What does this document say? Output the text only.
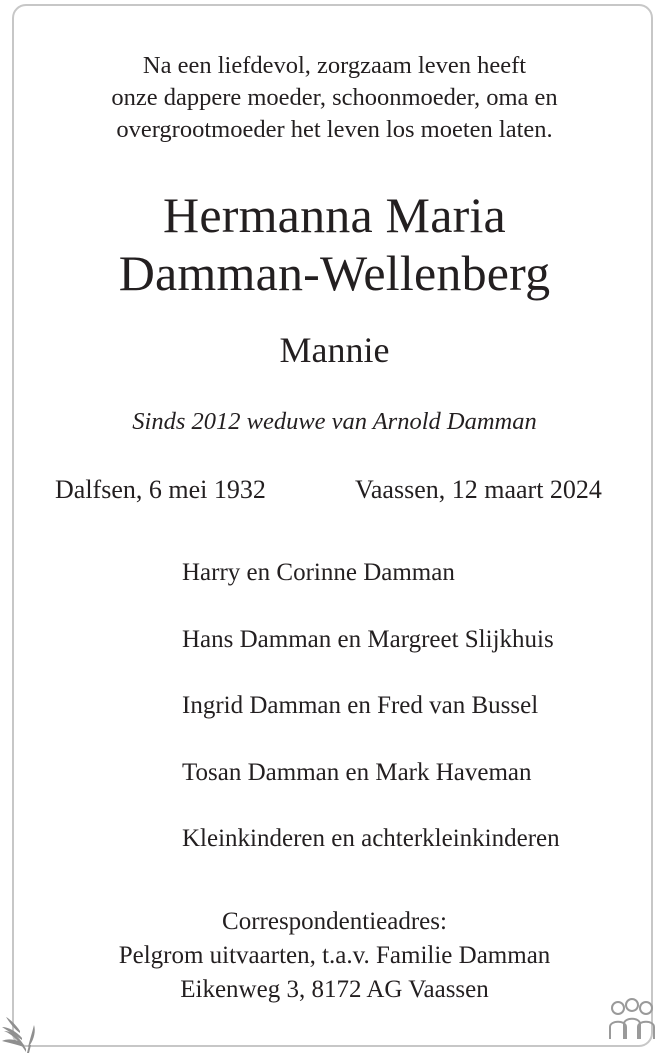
Na een liefdevol, zorgzaam leven heeft
onze dappere moeder, schoonmoeder, oma en
overgrootmoeder het leven los moeten laten.
Hermanna Maria
Damman-Wellenberg
Mannie
Sinds 2012 weduwe van Arnold Damman
Dalfsen, 6 mei 1932	Vaassen, 12 maart 2024
Harry en Corinne Damman
Hans Damman en Margreet Slijkhuis
Ingrid Damman en Fred van Bussel
Tosan Damman en Mark Haveman
Kleinkinderen en achterkleinkinderen
Correspondentieadres:
Pelgrom uitvaarten, t.a.v. Familie Damman
Eikenweg 3, 8172 AG Vaassen
